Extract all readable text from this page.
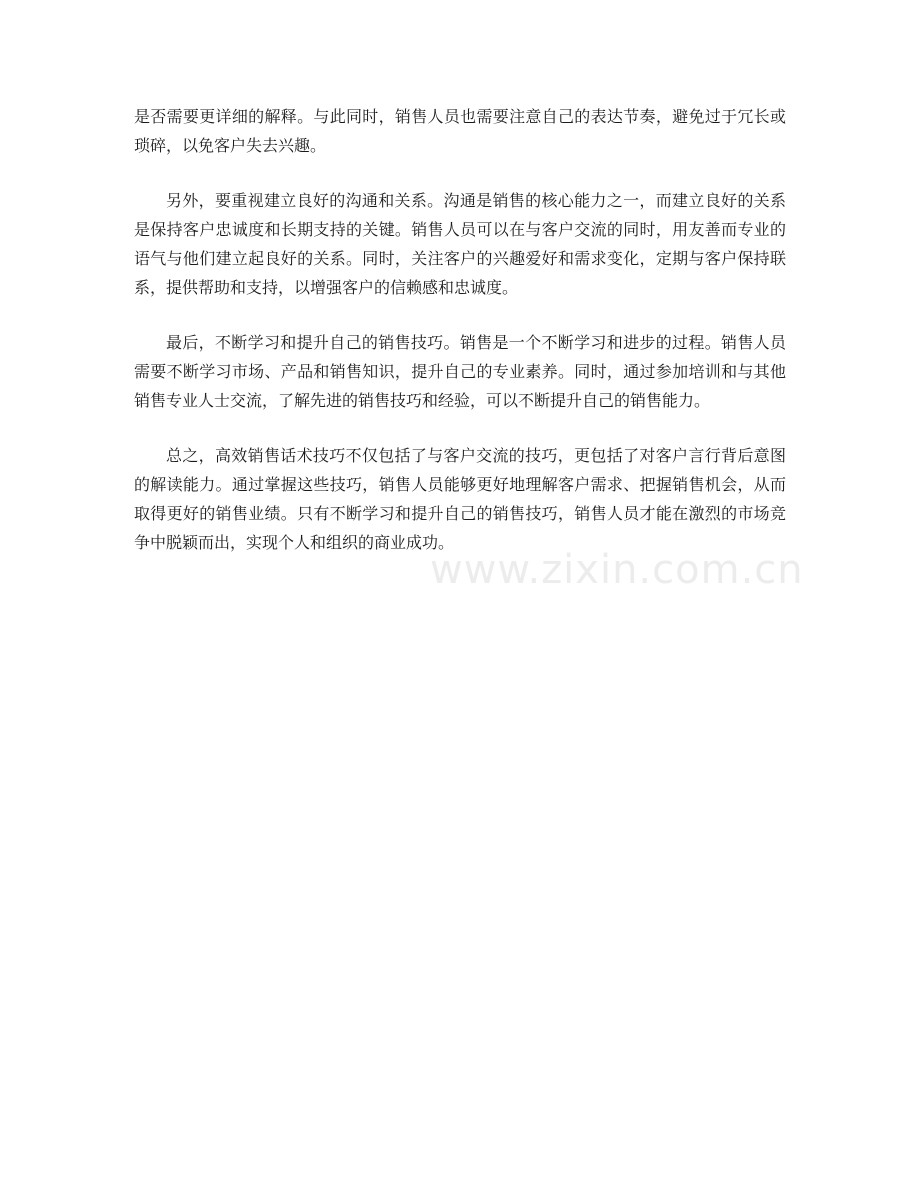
是否需要更详细的解释。与此同时，销售人员也需要注意自己的表达节奏，避免过于冗长或琐碎，以免客户失去兴趣。

另外，要重视建立良好的沟通和关系。沟通是销售的核心能力之一，而建立良好的关系是保持客户忠诚度和长期支持的关键。销售人员可以在与客户交流的同时，用友善而专业的语气与他们建立起良好的关系。同时，关注客户的兴趣爱好和需求变化，定期与客户保持联系，提供帮助和支持，以增强客户的信赖感和忠诚度。

最后，不断学习和提升自己的销售技巧。销售是一个不断学习和进步的过程。销售人员需要不断学习市场、产品和销售知识，提升自己的专业素养。同时，通过参加培训和与其他销售专业人士交流，了解先进的销售技巧和经验，可以不断提升自己的销售能力。

总之，高效销售话术技巧不仅包括了与客户交流的技巧，更包括了对客户言行背后意图的解读能力。通过掌握这些技巧，销售人员能够更好地理解客户需求、把握销售机会，从而取得更好的销售业绩。只有不断学习和提升自己的销售技巧，销售人员才能在激烈的市场竞争中脱颖而出，实现个人和组织的商业成功。

www.zixin.com.cn
